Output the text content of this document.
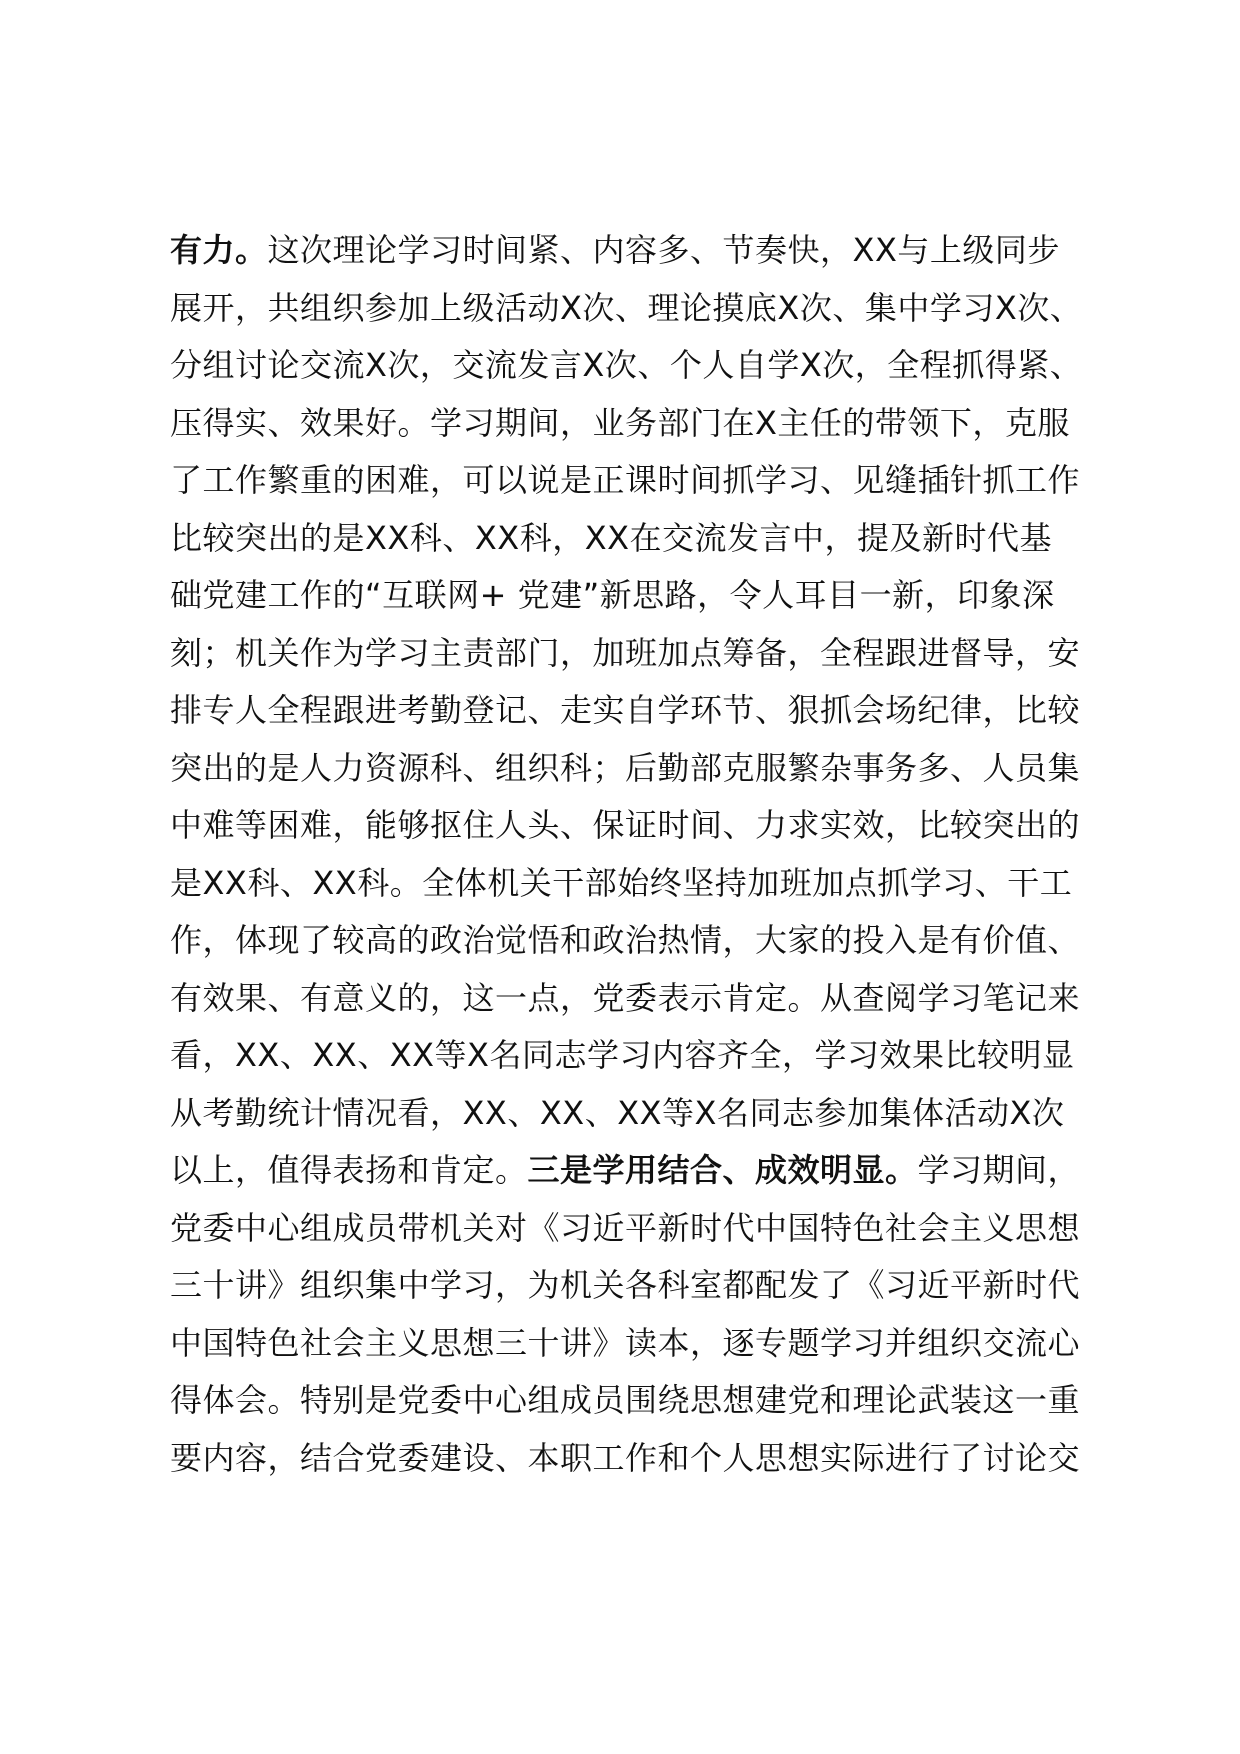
有力。这次理论学习时间紧、内容多、节奏快，XX与上级同步
展开，共组织参加上级活动X次、理论摸底X次、集中学习X次、
分组讨论交流X次，交流发言X次、个人自学X次，全程抓得紧、
压得实、效果好。学习期间，业务部门在X主任的带领下，克服
了工作繁重的困难，可以说是正课时间抓学习、见缝插针抓工作
比较突出的是XX科、XX科，XX在交流发言中，提及新时代基
础党建工作的“互联网+ 党建”新思路，令人耳目一新，印象深
刻；机关作为学习主责部门，加班加点筹备，全程跟进督导，安
排专人全程跟进考勤登记、走实自学环节、狠抓会场纪律，比较
突出的是人力资源科、组织科；后勤部克服繁杂事务多、人员集
中难等困难，能够抠住人头、保证时间、力求实效，比较突出的
是XX科、XX科。全体机关干部始终坚持加班加点抓学习、干工
作，体现了较高的政治觉悟和政治热情，大家的投入是有价值、
有效果、有意义的，这一点，党委表示肯定。从查阅学习笔记来
看，XX、XX、XX等X名同志学习内容齐全，学习效果比较明显
从考勤统计情况看，XX、XX、XX等X名同志参加集体活动X次
以上，值得表扬和肯定。三是学用结合、成效明显。学习期间，
党委中心组成员带机关对《习近平新时代中国特色社会主义思想
三十讲》组织集中学习，为机关各科室都配发了《习近平新时代
中国特色社会主义思想三十讲》读本，逐专题学习并组织交流心
得体会。特别是党委中心组成员围绕思想建党和理论武装这一重
要内容，结合党委建设、本职工作和个人思想实际进行了讨论交
